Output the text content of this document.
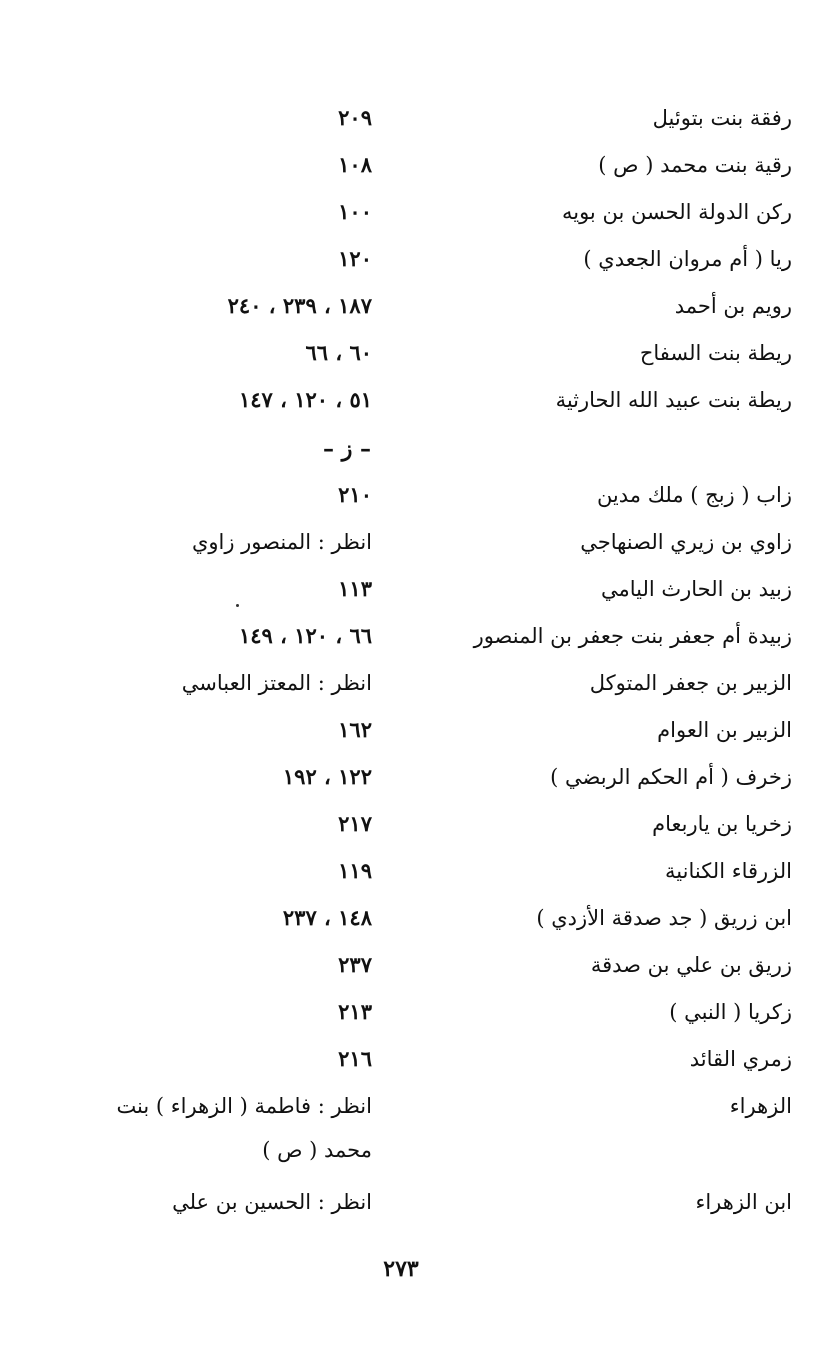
رفقة بنت بتوئيل
٢٠٩
رقية بنت محمد ( ص )
١٠٨
ركن الدولة الحسن بن بويه
١٠٠
ريا ( أم مروان الجعدي )
١٢٠
رويم بن أحمد
١٨٧ ، ٢٣٩ ، ٢٤٠
ريطة بنت السفاح
٦٠ ، ٦٦
ريطة بنت عبيد الله الحارثية
٥١ ، ١٢٠ ، ١٤٧
– ز –
زاب ( زبج ) ملك مدين
٢١٠
زاوي بن زيري الصنهاجي
انظر : المنصور زاوي
زبيد بن الحارث اليامي
١١٣
زبيدة أم جعفر بنت جعفر بن المنصور
٦٦ ، ١٢٠ ، ١٤٩
الزبير بن جعفر المتوكل
انظر : المعتز العباسي
الزبير بن العوام
١٦٢
زخرف ( أم الحكم الربضي )
١٢٢ ، ١٩٢
زخريا بن ياربعام
٢١٧
الزرقاء الكنانية
١١٩
ابن زريق ( جد صدقة الأزدي )
١٤٨ ، ٢٣٧
زريق بن علي بن صدقة
٢٣٧
زكريا ( النبي )
٢١٣
زمري القائد
٢١٦
الزهراء
انظر : فاطمة ( الزهراء ) بنت محمد ( ص )
ابن الزهراء
انظر : الحسين بن علي
٢٧٣
